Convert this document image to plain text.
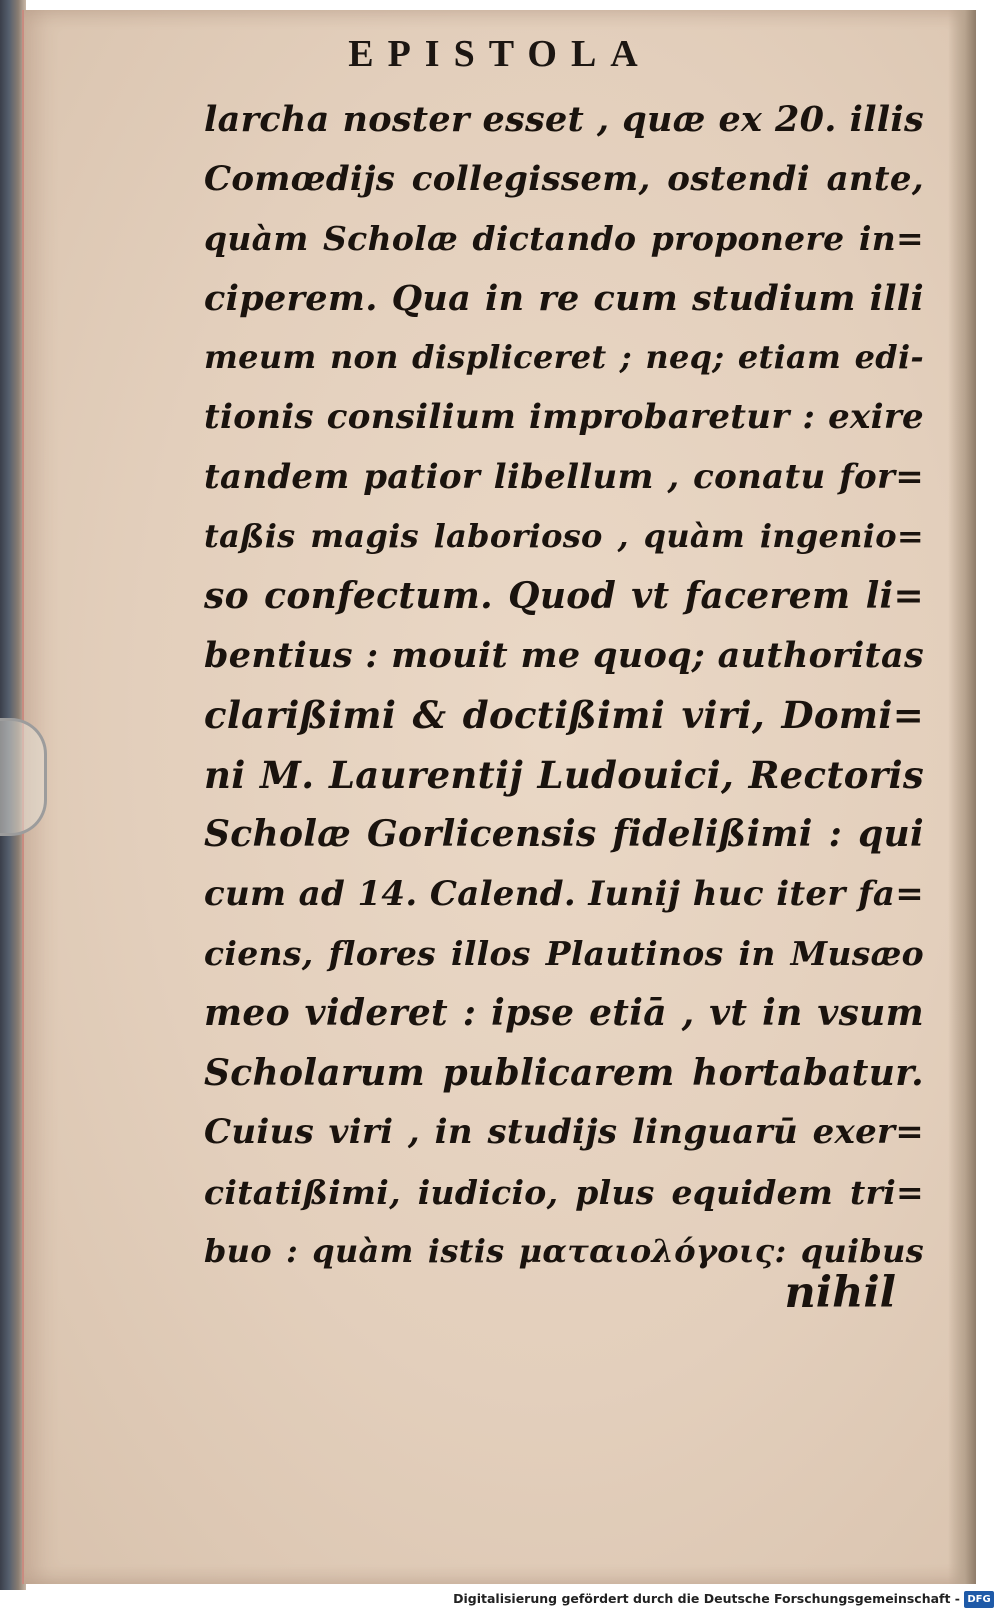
EPISTOLA
larcha noster esset , quæ ex 20. illis
Comœdijs collegissem, ostendi ante,
quàm Scholæ dictando proponere in=
ciperem. Qua in re cum studium illi
meum non displiceret ; neq; etiam edi-
tionis consilium improbaretur : exire
tandem patior libellum , conatu for=
taßis magis laborioso , quàm ingenio=
so confectum. Quod vt facerem li=
bentius : mouit me quoq; authoritas
clarißimi & doctißimi viri, Domi=
ni M. Laurentij Ludouici, Rectoris
Scholæ Gorlicensis fidelißimi : qui
cum ad 14. Calend. Iunij huc iter fa=
ciens, flores illos Plautinos in Musæo
meo videret : ipse etiā , vt in vsum
Scholarum publicarem hortabatur.
Cuius viri , in studijs linguarū exer=
citatißimi, iudicio, plus equidem tri=
buo : quàm istis ματαιολόγοις: quibus
nihil
Digitalisierung gefördert durch die Deutsche Forschungsgemeinschaft - DFG
